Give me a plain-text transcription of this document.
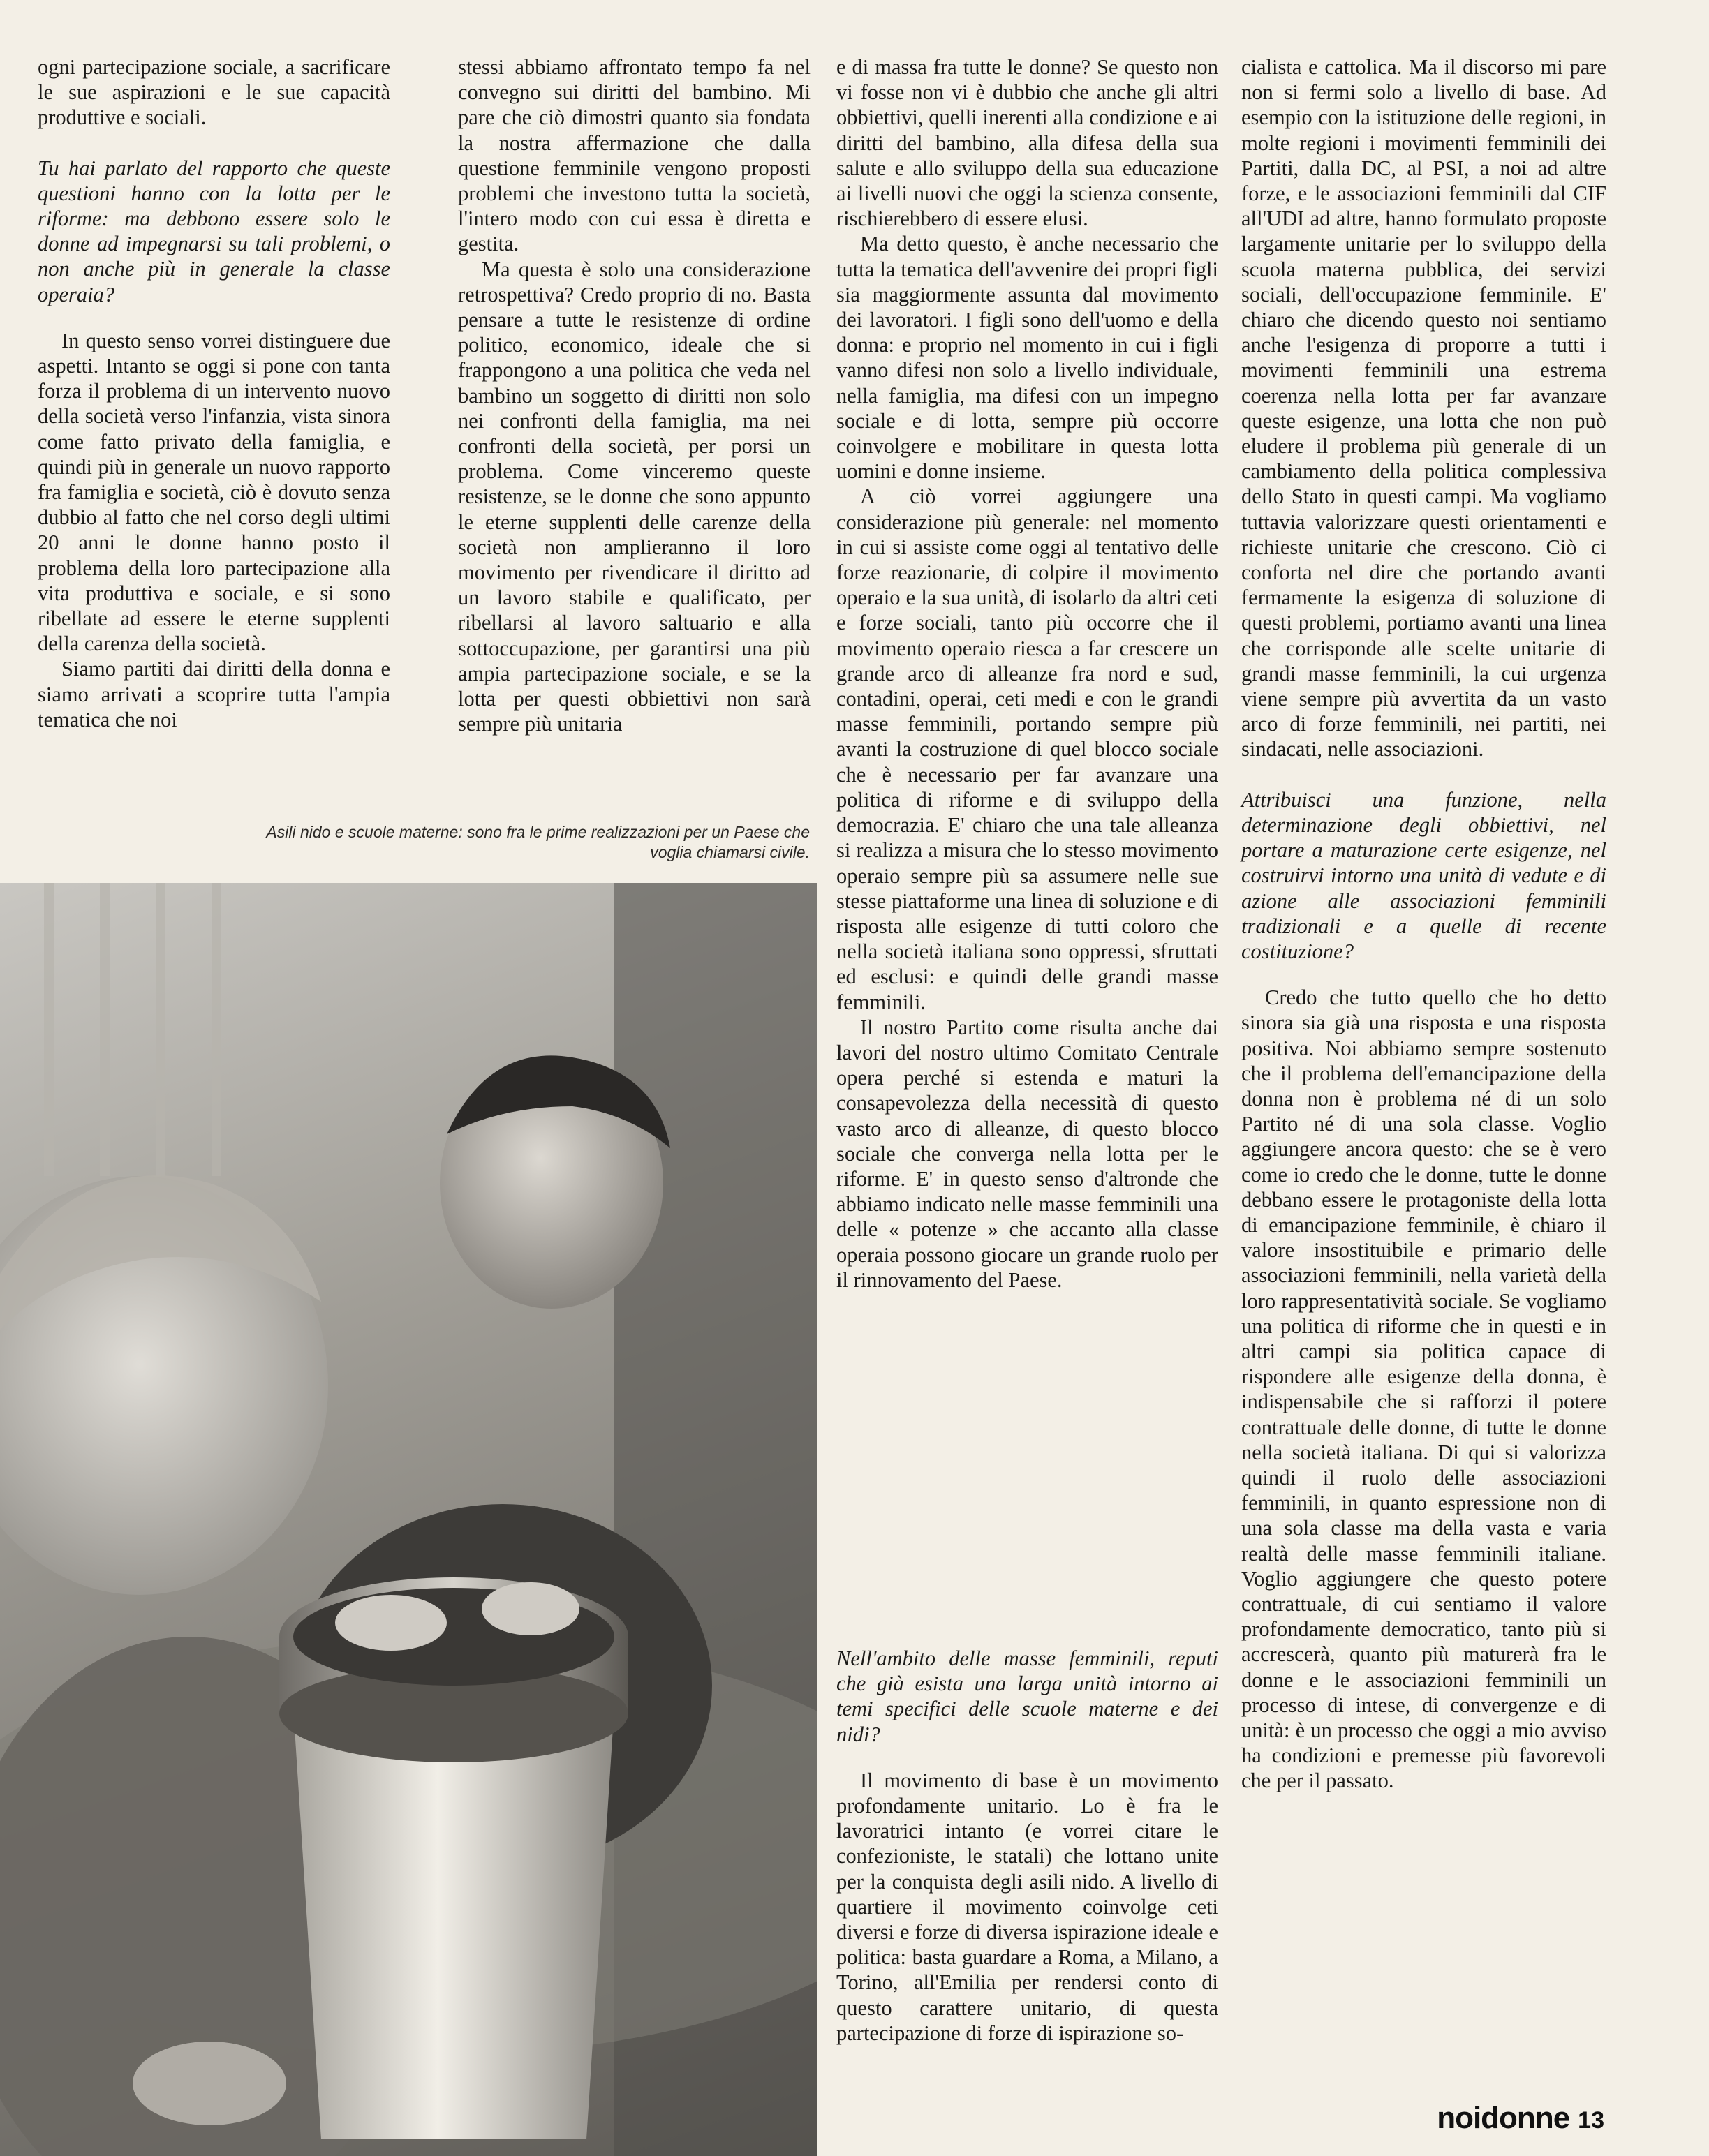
ogni partecipazione sociale, a sacrificare le sue aspirazioni e le sue capacità produttive e sociali.

Tu hai parlato del rapporto che queste questioni hanno con la lotta per le riforme: ma debbono essere solo le donne ad impegnarsi su tali problemi, o non anche più in generale la classe operaia?

In questo senso vorrei distinguere due aspetti. Intanto se oggi si pone con tanta forza il problema di un intervento nuovo della società verso l'infanzia, vista sinora come fatto privato della famiglia, e quindi più in generale un nuovo rapporto fra famiglia e società, ciò è dovuto senza dubbio al fatto che nel corso degli ultimi 20 anni le donne hanno posto il problema della loro partecipazione alla vita produttiva e sociale, e si sono ribellate ad essere le eterne supplenti della carenza della società.

Siamo partiti dai diritti della donna e siamo arrivati a scoprire tutta l'ampia tematica che noi

stessi abbiamo affrontato tempo fa nel convegno sui diritti del bambino. Mi pare che ciò dimostri quanto sia fondata la nostra affermazione che dalla questione femminile vengono proposti problemi che investono tutta la società, l'intero modo con cui essa è diretta e gestita.

Ma questa è solo una considerazione retrospettiva? Credo proprio di no. Basta pensare a tutte le resistenze di ordine politico, economico, ideale che si frappongono a una politica che veda nel bambino un soggetto di diritti non solo nei confronti della famiglia, ma nei confronti della società, per porsi un problema. Come vinceremo queste resistenze, se le donne che sono appunto le eterne supplenti delle carenze della società non amplieranno il loro movimento per rivendicare il diritto ad un lavoro stabile e qualificato, per ribellarsi al lavoro saltuario e alla sottoccupazione, per garantirsi una più ampia partecipazione sociale, e se la lotta per questi obbiettivi non sarà sempre più unitaria

e di massa fra tutte le donne? Se questo non vi fosse non vi è dubbio che anche gli altri obbiettivi, quelli inerenti alla condizione e ai diritti del bambino, alla difesa della sua salute e allo sviluppo della sua educazione ai livelli nuovi che oggi la scienza consente, rischierebbero di essere elusi.

Ma detto questo, è anche necessario che tutta la tematica dell'avvenire dei propri figli sia maggiormente assunta dal movimento dei lavoratori. I figli sono dell'uomo e della donna: e proprio nel momento in cui i figli vanno difesi non solo a livello individuale, nella famiglia, ma difesi con un impegno sociale e di lotta, sempre più occorre coinvolgere e mobilitare in questa lotta uomini e donne insieme.

A ciò vorrei aggiungere una considerazione più generale: nel momento in cui si assiste come oggi al tentativo delle forze reazionarie, di colpire il movimento operaio e la sua unità, di isolarlo da altri ceti e forze sociali, tanto più occorre che il movimento operaio riesca a far crescere un grande arco di alleanze fra nord e sud, contadini, operai, ceti medi e con le grandi masse femminili, portando sempre più avanti la costruzione di quel blocco sociale che è necessario per far avanzare una politica di riforme e di sviluppo della democrazia. E' chiaro che una tale alleanza si realizza a misura che lo stesso movimento operaio sempre più sa assumere nelle sue stesse piattaforme una linea di soluzione e di risposta alle esigenze di tutti coloro che nella società italiana sono oppressi, sfruttati ed esclusi: e quindi delle grandi masse femminili.

Il nostro Partito come risulta anche dai lavori del nostro ultimo Comitato Centrale opera perché si estenda e maturi la consapevolezza della necessità di questo vasto arco di alleanze, di questo blocco sociale che converga nella lotta per le riforme. E' in questo senso d'altronde che abbiamo indicato nelle masse femminili una delle « potenze » che accanto alla classe operaia possono giocare un grande ruolo per il rinnovamento del Paese.

Nell'ambito delle masse femminili, reputi che già esista una larga unità intorno ai temi specifici delle scuole materne e dei nidi?

Il movimento di base è un movimento profondamente unitario. Lo è fra le lavoratrici intanto (e vorrei citare le confezioniste, le statali) che lottano unite per la conquista degli asili nido. A livello di quartiere il movimento coinvolge ceti diversi e forze di diversa ispirazione ideale e politica: basta guardare a Roma, a Milano, a Torino, all'Emilia per rendersi conto di questo carattere unitario, di questa partecipazione di forze di ispirazione so-

cialista e cattolica. Ma il discorso mi pare non si fermi solo a livello di base. Ad esempio con la istituzione delle regioni, in molte regioni i movimenti femminili dei Partiti, dalla DC, al PSI, a noi ad altre forze, e le associazioni femminili dal CIF all'UDI ad altre, hanno formulato proposte largamente unitarie per lo sviluppo della scuola materna pubblica, dei servizi sociali, dell'occupazione femminile. E' chiaro che dicendo questo noi sentiamo anche l'esigenza di proporre a tutti i movimenti femminili una estrema coerenza nella lotta per far avanzare queste esigenze, una lotta che non può eludere il problema più generale di un cambiamento della politica complessiva dello Stato in questi campi. Ma vogliamo tuttavia valorizzare questi orientamenti e richieste unitarie che crescono. Ciò ci conforta nel dire che portando avanti fermamente la esigenza di soluzione di questi problemi, portiamo avanti una linea che corrisponde alle scelte unitarie di grandi masse femminili, la cui urgenza viene sempre più avvertita da un vasto arco di forze femminili, nei partiti, nei sindacati, nelle associazioni.

Attribuisci una funzione, nella determinazione degli obbiettivi, nel portare a maturazione certe esigenze, nel costruirvi intorno una unità di vedute e di azione alle associazioni femminili tradizionali e a quelle di recente costituzione?

Credo che tutto quello che ho detto sinora sia già una risposta e una risposta positiva. Noi abbiamo sempre sostenuto che il problema dell'emancipazione della donna non è problema né di un solo Partito né di una sola classe. Voglio aggiungere ancora questo: che se è vero come io credo che le donne, tutte le donne debbano essere le protagoniste della lotta di emancipazione femminile, è chiaro il valore insostituibile e primario delle associazioni femminili, nella varietà della loro rappresentatività sociale. Se vogliamo una politica di riforme che in questi e in altri campi sia politica capace di rispondere alle esigenze della donna, è indispensabile che si rafforzi il potere contrattuale delle donne, di tutte le donne nella società italiana. Di qui si valorizza quindi il ruolo delle associazioni femminili, in quanto espressione non di una sola classe ma della vasta e varia realtà delle masse femminili italiane. Voglio aggiungere che questo potere contrattuale, di cui sentiamo il valore profondamente democratico, tanto più si accrescerà, quanto più maturerà fra le donne e le associazioni femminili un processo di intese, di convergenze e di unità: è un processo che oggi a mio avviso ha condizioni e premesse più favorevoli che per il passato.

Asili nido e scuole materne: sono fra le prime realizzazioni per un Paese che voglia chiamarsi civile.
noidonne 13
